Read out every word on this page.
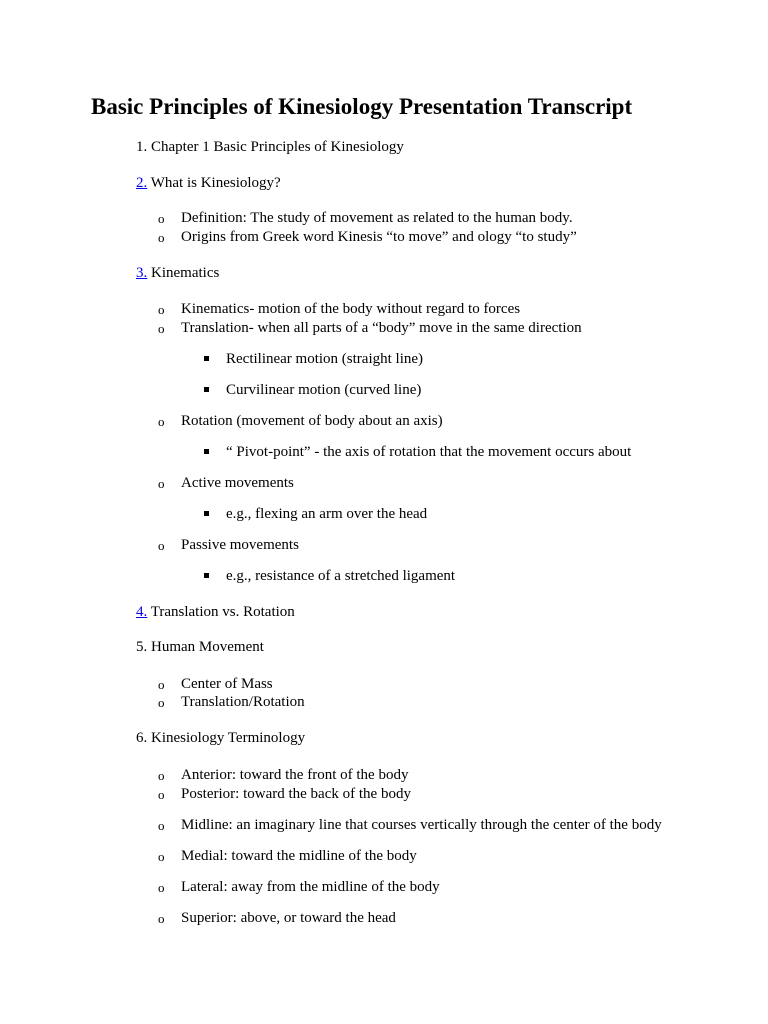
Basic Principles of Kinesiology Presentation Transcript
1. Chapter 1 Basic Principles of Kinesiology
2. What is Kinesiology?
o Definition: The study of movement as related to the human body.
o Origins from Greek word Kinesis “to move” and ology “to study”
3. Kinematics
o Kinematics- motion of the body without regard to forces
o Translation- when all parts of a “body” move in the same direction
Rectilinear motion (straight line)
Curvilinear motion (curved line)
o Rotation (movement of body about an axis)
“ Pivot-point” - the axis of rotation that the movement occurs about
o Active movements
e.g., flexing an arm over the head
o Passive movements
e.g., resistance of a stretched ligament
4. Translation vs. Rotation
5. Human Movement
o Center of Mass
o Translation/Rotation
6. Kinesiology Terminology
o Anterior: toward the front of the body
o Posterior: toward the back of the body
o Midline: an imaginary line that courses vertically through the center of the body
o Medial: toward the midline of the body
o Lateral: away from the midline of the body
o Superior: above, or toward the head
